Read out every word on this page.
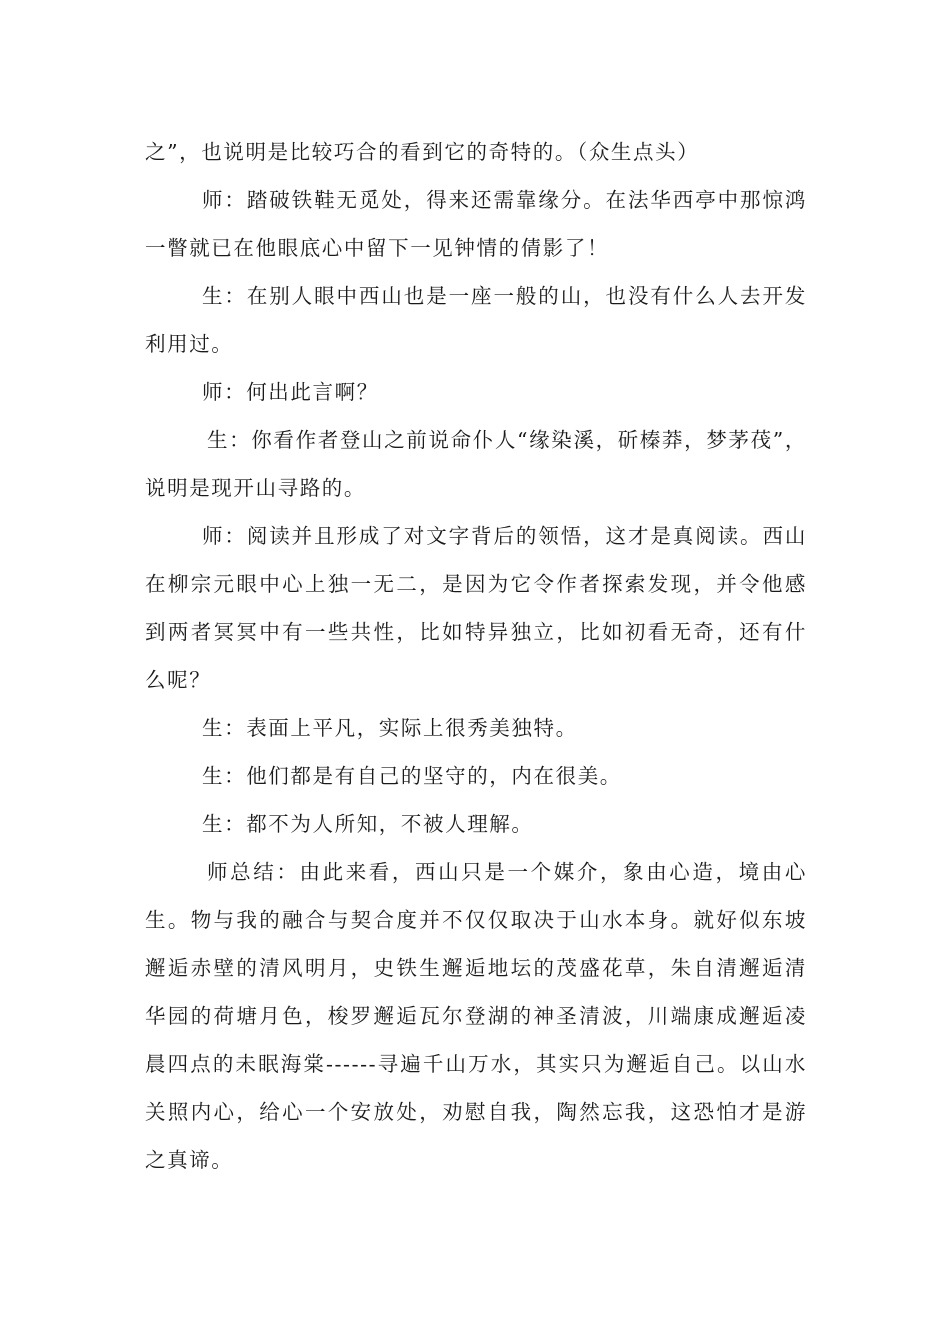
之”，也说明是比较巧合的看到它的奇特的。（众生点头）

师：踏破铁鞋无觅处，得来还需靠缘分。在法华西亭中那惊鸿一瞥就已在他眼底心中留下一见钟情的倩影了！

生：在别人眼中西山也是一座一般的山，也没有什么人去开发利用过。

师：何出此言啊？

生：你看作者登山之前说命仆人“缘染溪，斫榛莽，梦茅茷”，说明是现开山寻路的。

师：阅读并且形成了对文字背后的领悟，这才是真阅读。西山在柳宗元眼中心上独一无二，是因为它令作者探索发现，并令他感到两者冥冥中有一些共性，比如特异独立，比如初看无奇，还有什么呢？

生：表面上平凡，实际上很秀美独特。

生：他们都是有自己的坚守的，内在很美。

生：都不为人所知，不被人理解。

师总结：由此来看，西山只是一个媒介，象由心造，境由心生。物与我的融合与契合度并不仅仅取决于山水本身。就好似东坡邂逅赤壁的清风明月，史铁生邂逅地坛的茂盛花草，朱自清邂逅清华园的荷塘月色，梭罗邂逅瓦尔登湖的神圣清波，川端康成邂逅凌晨四点的未眠海棠------寻遍千山万水，其实只为邂逅自己。以山水关照内心，给心一个安放处，劝慰自我，陶然忘我，这恐怕才是游之真谛。
